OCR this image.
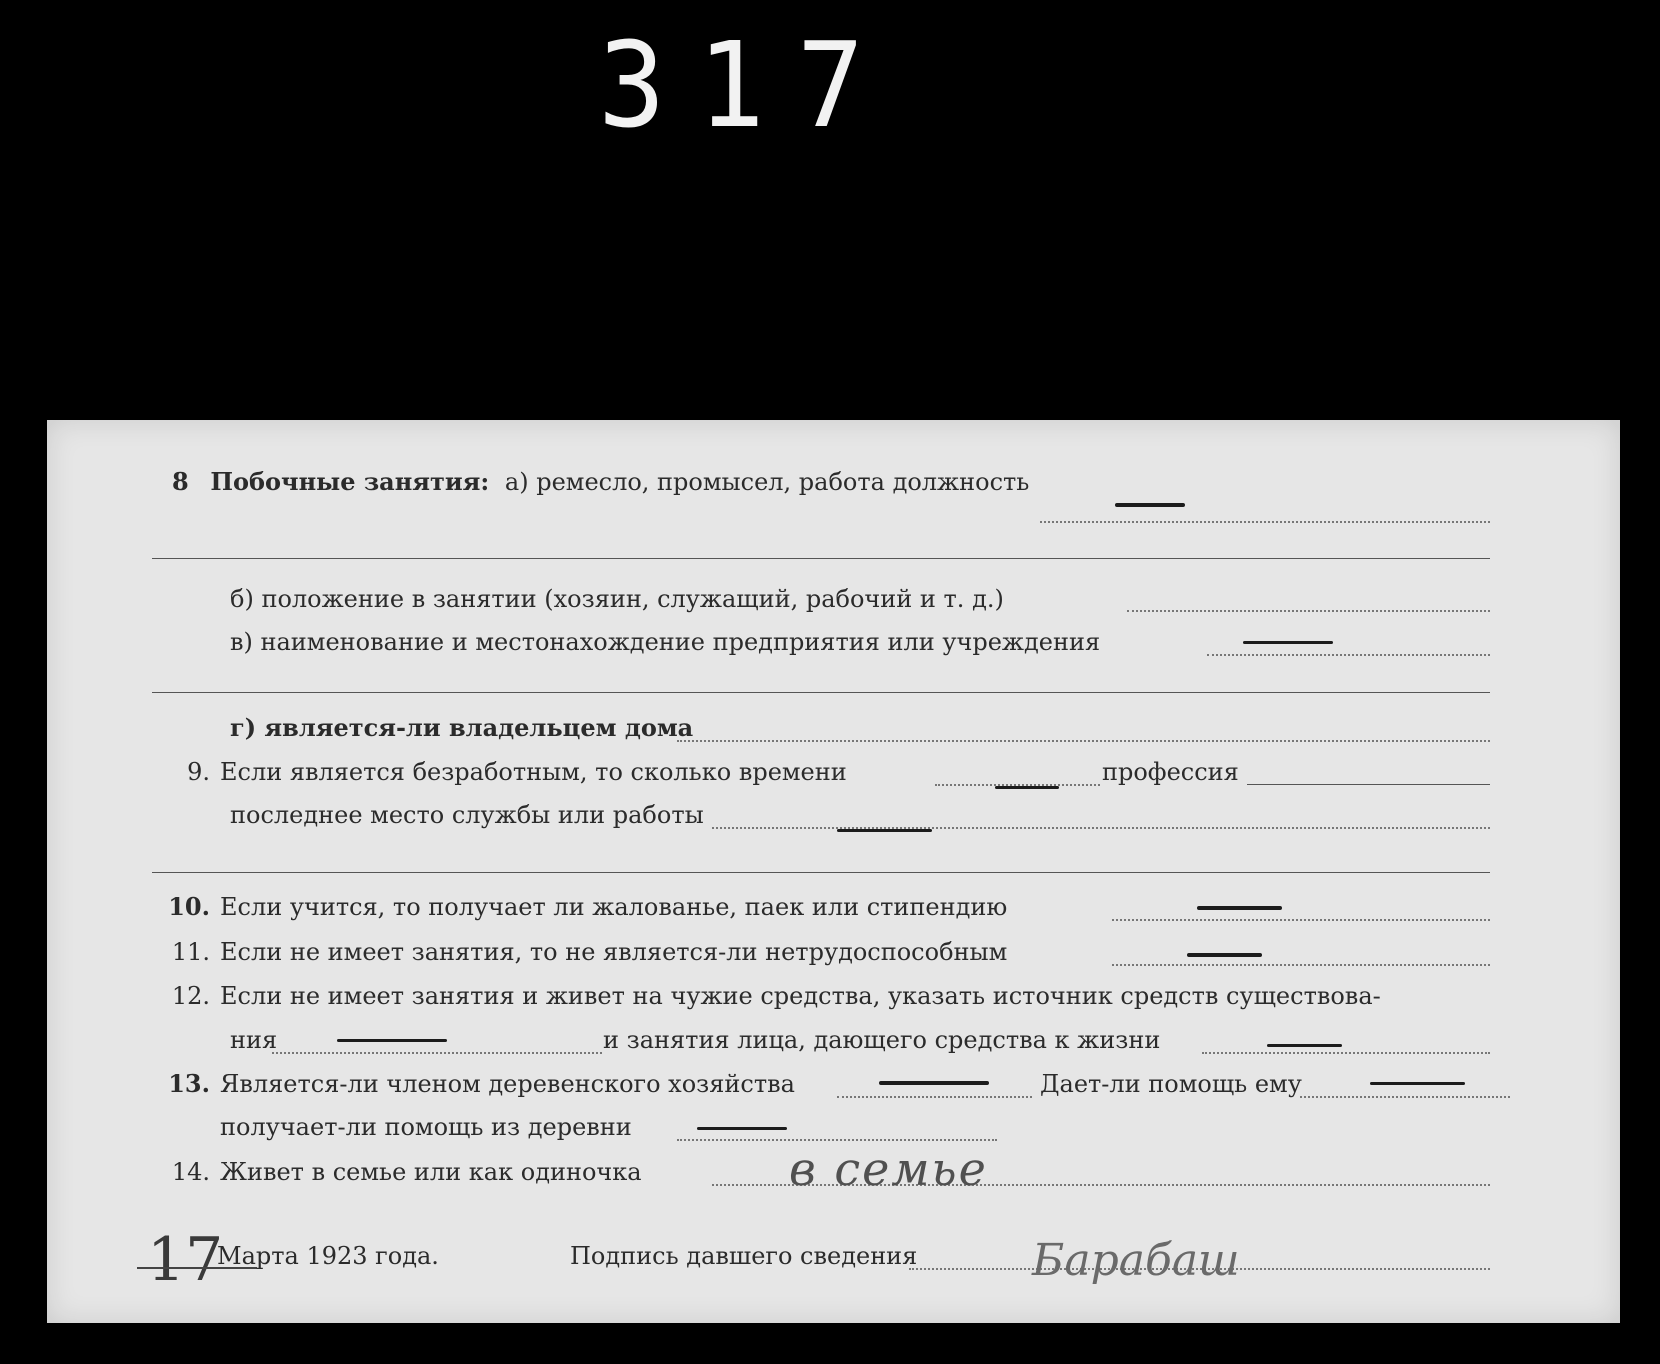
317
8 Побочные занятия: а) ремесло, промысел, работа должность
б) положение в занятии (хозяин, служащий, рабочий и т. д.)
в) наименование и местонахождение предприятия или учреждения
г) является-ли владельцем дома
9. Если является безработным, то сколько времени	профессия
последнее место службы или работы
10. Если учится, то получает ли жалованье, паек или стипендию
11. Если не имеет занятия, то не является-ли нетрудоспособным
12. Если не имеет занятия и живет на чужие средства, указать источник средств существова-
ния	и занятия лица, дающего средства к жизни
13. Является-ли членом деревенского хозяйства	Дает-ли помощь ему
получает-ли помощь из деревни
14. Живет в семье или как одиночка	в семье
17
Марта 1923 года.	Подпись давшего сведения	Барабаш
